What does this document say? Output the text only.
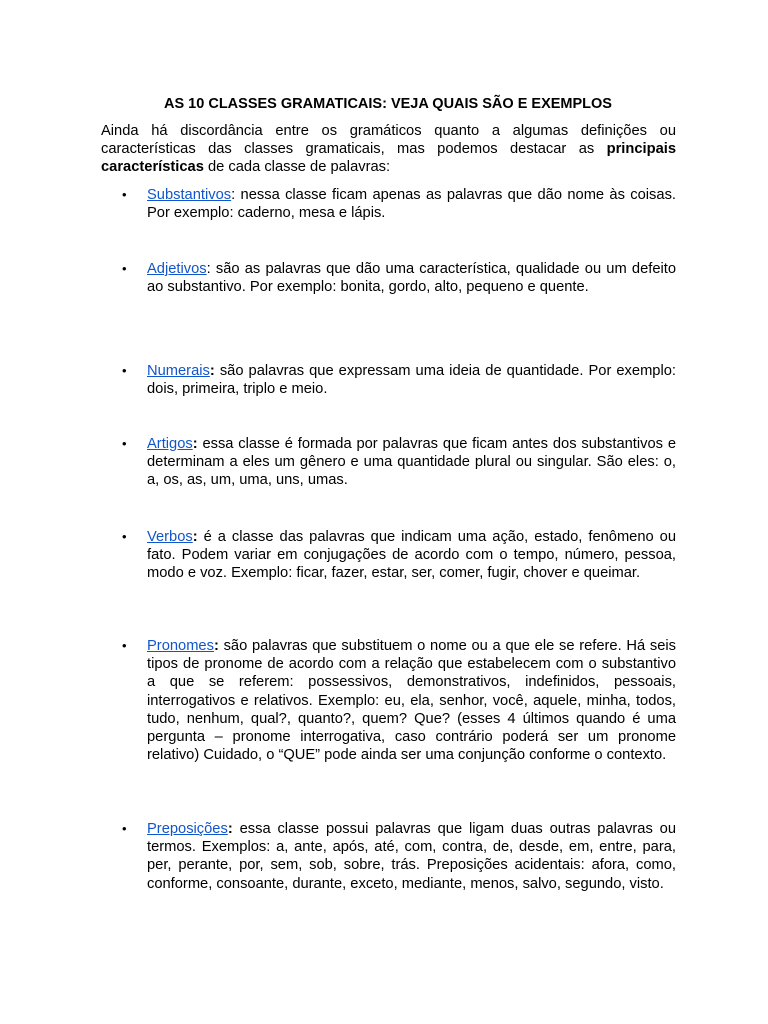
AS 10 CLASSES GRAMATICAIS: VEJA QUAIS SÃO E EXEMPLOS
Ainda há discordância entre os gramáticos quanto a algumas definições ou características das classes gramaticais, mas podemos destacar as principais características de cada classe de palavras:
• Substantivos: nessa classe ficam apenas as palavras que dão nome às coisas. Por exemplo: caderno, mesa e lápis.
• Adjetivos: são as palavras que dão uma característica, qualidade ou um defeito ao substantivo. Por exemplo: bonita, gordo, alto, pequeno e quente.
• Numerais: são palavras que expressam uma ideia de quantidade. Por exemplo: dois, primeira, triplo e meio.
• Artigos: essa classe é formada por palavras que ficam antes dos substantivos e determinam a eles um gênero e uma quantidade plural ou singular. São eles: o, a, os, as, um, uma, uns, umas.
• Verbos: é a classe das palavras que indicam uma ação, estado, fenômeno ou fato. Podem variar em conjugações de acordo com o tempo, número, pessoa, modo e voz. Exemplo: ficar, fazer, estar, ser, comer, fugir, chover e queimar.
• Pronomes: são palavras que substituem o nome ou a que ele se refere. Há seis tipos de pronome de acordo com a relação que estabelecem com o substantivo a que se referem: possessivos, demonstrativos, indefinidos, pessoais, interrogativos e relativos. Exemplo: eu, ela, senhor, você, aquele, minha, todos, tudo, nenhum, qual?, quanto?, quem? Que? (esses 4 últimos quando é uma pergunta – pronome interrogativa, caso contrário poderá ser um pronome relativo) Cuidado, o “QUE” pode ainda ser uma conjunção conforme o contexto.
• Preposições: essa classe possui palavras que ligam duas outras palavras ou termos. Exemplos: a, ante, após, até, com, contra, de, desde, em, entre, para, per, perante, por, sem, sob, sobre, trás. Preposições acidentais: afora, como, conforme, consoante, durante, exceto, mediante, menos, salvo, segundo, visto.
